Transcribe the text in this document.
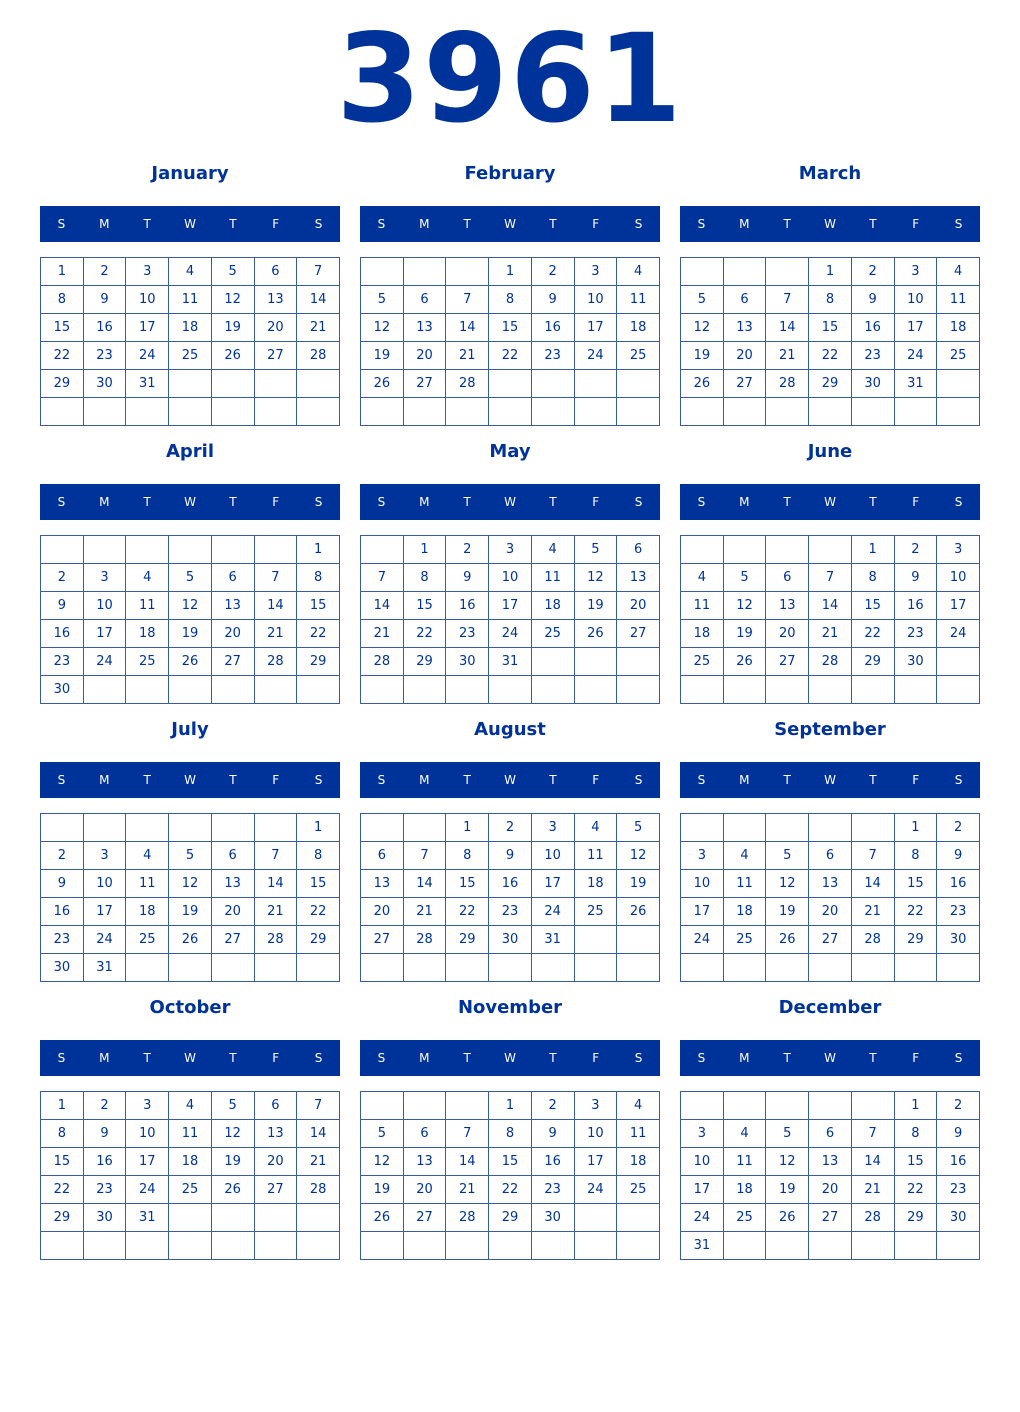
3961
January
S	M	T	W	T	F	S
1	2	3	4	5	6	7
8	9	10	11	12	13	14
15	16	17	18	19	20	21
22	23	24	25	26	27	28
29	30	31				

February
S	M	T	W	T	F	S
			1	2	3	4
5	6	7	8	9	10	11
12	13	14	15	16	17	18
19	20	21	22	23	24	25
26	27	28				

March
S	M	T	W	T	F	S
			1	2	3	4
5	6	7	8	9	10	11
12	13	14	15	16	17	18
19	20	21	22	23	24	25
26	27	28	29	30	31	

April
S	M	T	W	T	F	S
						1
2	3	4	5	6	7	8
9	10	11	12	13	14	15
16	17	18	19	20	21	22
23	24	25	26	27	28	29
30						
May
S	M	T	W	T	F	S
	1	2	3	4	5	6
7	8	9	10	11	12	13
14	15	16	17	18	19	20
21	22	23	24	25	26	27
28	29	30	31			

June
S	M	T	W	T	F	S
				1	2	3
4	5	6	7	8	9	10
11	12	13	14	15	16	17
18	19	20	21	22	23	24
25	26	27	28	29	30	

July
S	M	T	W	T	F	S
						1
2	3	4	5	6	7	8
9	10	11	12	13	14	15
16	17	18	19	20	21	22
23	24	25	26	27	28	29
30	31					
August
S	M	T	W	T	F	S
		1	2	3	4	5
6	7	8	9	10	11	12
13	14	15	16	17	18	19
20	21	22	23	24	25	26
27	28	29	30	31		

September
S	M	T	W	T	F	S
					1	2
3	4	5	6	7	8	9
10	11	12	13	14	15	16
17	18	19	20	21	22	23
24	25	26	27	28	29	30

October
S	M	T	W	T	F	S
1	2	3	4	5	6	7
8	9	10	11	12	13	14
15	16	17	18	19	20	21
22	23	24	25	26	27	28
29	30	31				

November
S	M	T	W	T	F	S
			1	2	3	4
5	6	7	8	9	10	11
12	13	14	15	16	17	18
19	20	21	22	23	24	25
26	27	28	29	30		

December
S	M	T	W	T	F	S
					1	2
3	4	5	6	7	8	9
10	11	12	13	14	15	16
17	18	19	20	21	22	23
24	25	26	27	28	29	30
31						
